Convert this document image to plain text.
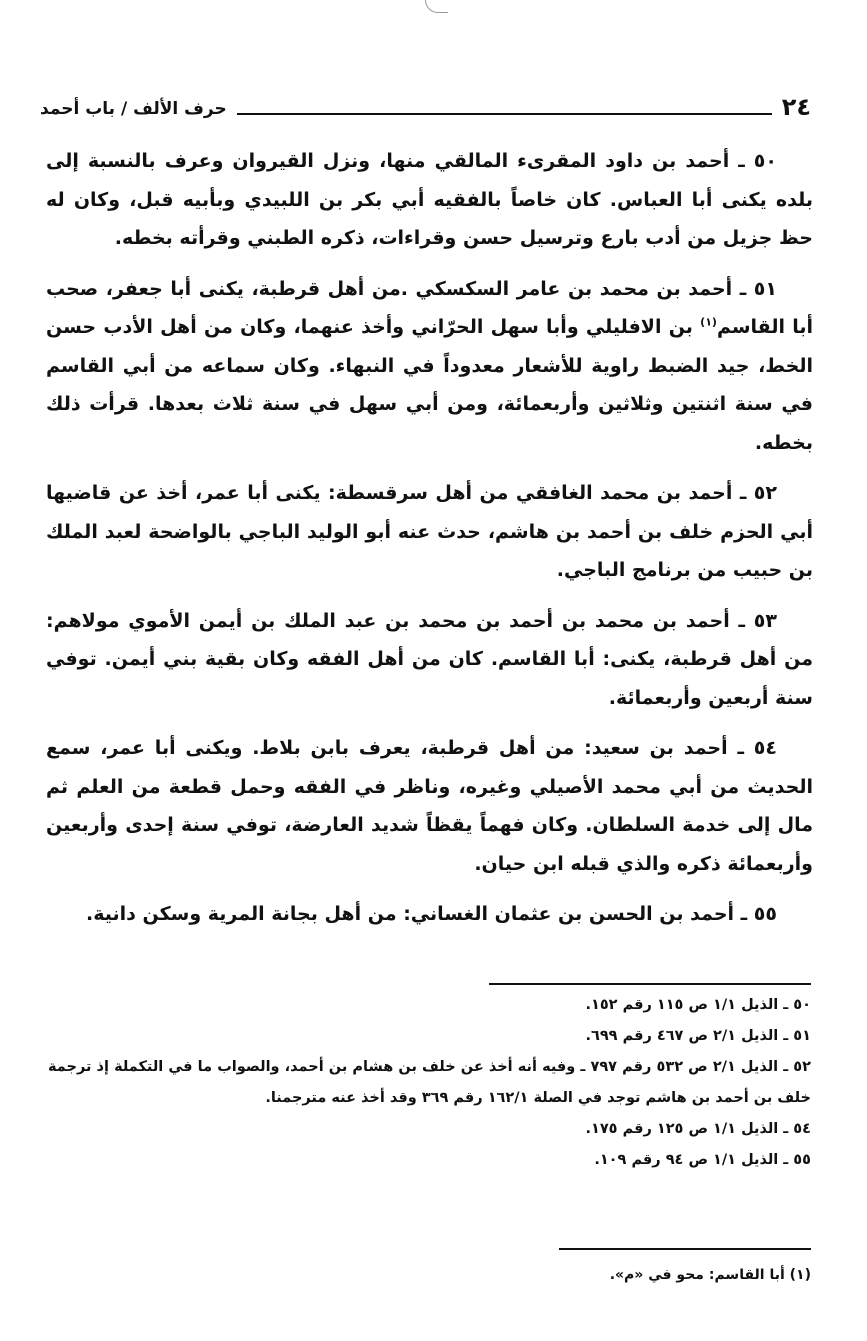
٢٤
حرف الألف / باب أحمد

٥٠ ـ أحمد بن داود المقرىء المالقي منها، ونزل القيروان وعرف بالنسبة إلى بلده يكنى أبا العباس. كان خاصاً بالفقيه أبي بكر بن اللبيدي وبأبيه قبل، وكان له حظ جزيل من أدب بارع وترسيل حسن وقراءات، ذكره الطبني وقرأته بخطه.

٥١ ـ أحمد بن محمد بن عامر السكسكي .من أهل قرطبة، يكنى أبا جعفر، صحب أبا القاسم$^{(١)}$ بن الافليلي وأبا سهل الحرّاني وأخذ عنهما، وكان من أهل الأدب حسن الخط، جيد الضبط راوية للأشعار معدوداً في النبهاء. وكان سماعه من أبي القاسم في سنة اثنتين وثلاثين وأربعمائة، ومن أبي سهل في سنة ثلاث بعدها. قرأت ذلك بخطه.

٥٢ ـ أحمد بن محمد الغافقي من أهل سرقسطة: يكنى أبا عمر، أخذ عن قاضيها أبي الحزم خلف بن أحمد بن هاشم، حدث عنه أبو الوليد الباجي بالواضحة لعبد الملك بن حبيب من برنامج الباجي.

٥٣ ـ أحمد بن محمد بن أحمد بن محمد بن عبد الملك بن أيمن الأموي مولاهم: من أهل قرطبة، يكنى: أبا القاسم. كان من أهل الفقه وكان بقية بني أيمن. توفي سنة أربعين وأربعمائة.

٥٤ ـ أحمد بن سعيد: من أهل قرطبة، يعرف بابن بلاط. ويكنى أبا عمر، سمع الحديث من أبي محمد الأصيلي وغيره، وناظر في الفقه وحمل قطعة من العلم ثم مال إلى خدمة السلطان. وكان فهماً يقظاً شديد العارضة، توفي سنة إحدى وأربعين وأربعمائة ذكره والذي قبله ابن حيان.

٥٥ ـ أحمد بن الحسن بن عثمان الغساني: من أهل بجانة المرية وسكن دانية.

٥٠ ـ الذيل ١/١ ص ١١٥ رقم ١٥٢.

٥١ ـ الذيل ٢/١ ص ٤٦٧ رقم ٦٩٩.

٥٢ ـ الذيل ٢/١ ص ٥٣٢ رقم ٧٩٧ ـ وفيه أنه أخذ عن خلف بن هشام بن أحمد، والصواب ما في التكملة إذ ترجمة خلف بن أحمد بن هاشم توجد في الصلة ١٦٢/١ رقم ٣٦٩ وقد أخذ عنه مترجمنا.

٥٤ ـ الذيل ١/١ ص ١٢٥ رقم ١٧٥.

٥٥ ـ الذيل ١/١ ص ٩٤ رقم ١٠٩.

(١) أبا القاسم: محو في «م».
